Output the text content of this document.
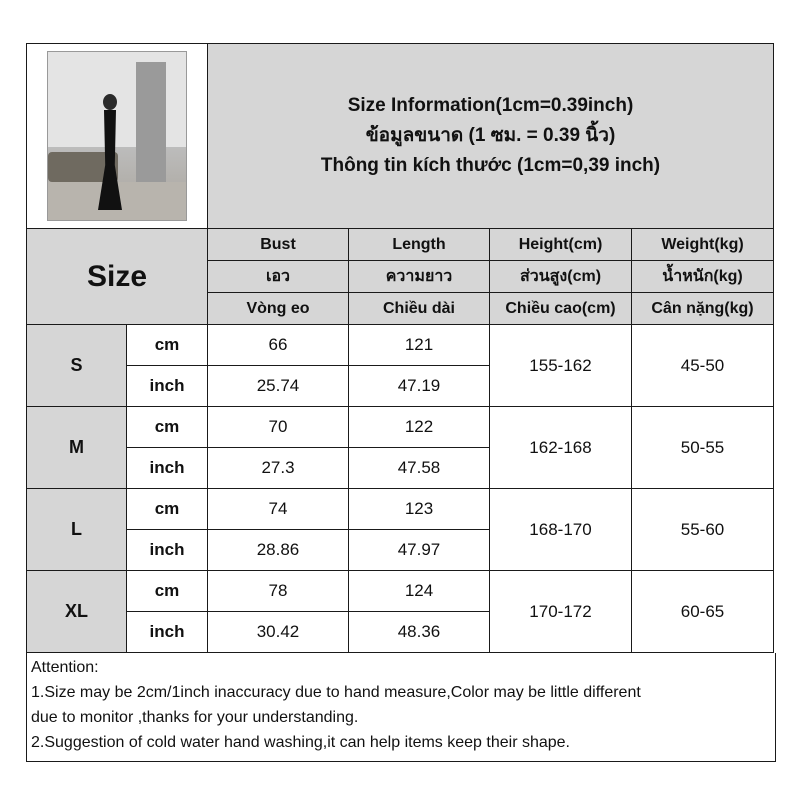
		Size Information(1cm=0.39inch)
ข้อมูลขนาด (1 ซม. = 0.39 นิ้ว)
Thông tin kích thước (1cm=0,39 inch)			

Size		Bust	Length	Height(cm)	Weight(kg)
		เอว	ความยาว	ส่วนสูง(cm)	น้ำหนัก(kg)
		Vòng eo	Chiều dài	Chiều cao(cm)	Cân nặng(kg)
S	cm	66	121	155-162	45-50
	inch	25.74	47.19		
M	cm	70	122	162-168	50-55
	inch	27.3	47.58		
L	cm	74	123	168-170	55-60
	inch	28.86	47.97		
XL	cm	78	124	170-172	60-65
	inch	30.42	48.36		
Attention:
1.Size may be 2cm/1inch inaccuracy due to hand measure,Color may be little different
due to monitor ,thanks for your understanding.
2.Suggestion of cold water hand washing,it can help items keep their shape.
